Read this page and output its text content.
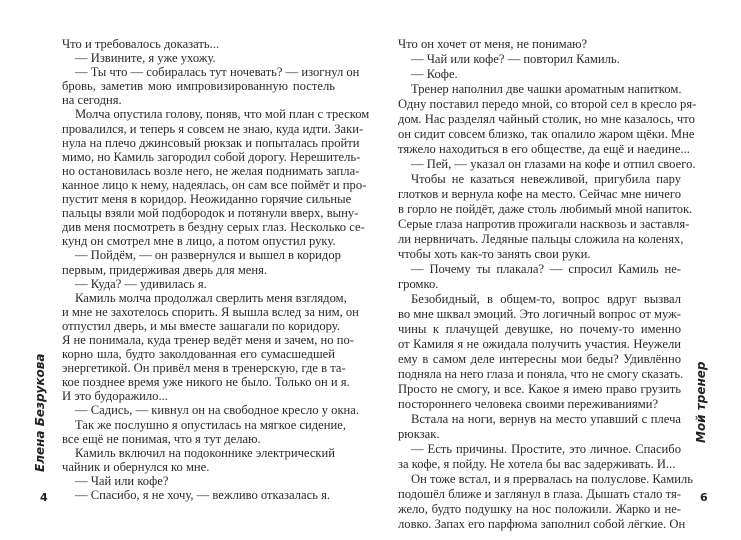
Что и требовалось доказать...
— Извините, я уже ухожу.
— Ты что — собиралась тут ночевать? — изогнул он
бровь, заметив мою импровизированную постель
на сегодня.
Молча опустила голову, поняв, что мой план с треском
провалился, и теперь я совсем не знаю, куда идти. Заки-
нула на плечо джинсовый рюкзак и попыталась пройти
мимо, но Камиль загородил собой дорогу. Нерешитель-
но остановилась возле него, не желая поднимать запла-
канное лицо к нему, надеялась, он сам все поймёт и про-
пустит меня в коридор. Неожиданно горячие сильные
пальцы взяли мой подбородок и потянули вверх, выну-
див меня посмотреть в бездну серых глаз. Несколько се-
кунд он смотрел мне в лицо, а потом опустил руку.
— Пойдём, — он развернулся и вышел в коридор
первым, придерживая дверь для меня.
— Куда? — удивилась я.
Камиль молча продолжал сверлить меня взглядом,
и мне не захотелось спорить. Я вышла вслед за ним, он
отпустил дверь, и мы вместе зашагали по коридору.
Я не понимала, куда тренер ведёт меня и зачем, но по-
корно шла, будто заколдованная его сумасшедшей
энергетикой. Он привёл меня в тренерскую, где в та-
кое позднее время уже никого не было. Только он и я.
И это будоражило...
— Садись, — кивнул он на свободное кресло у окна.
Так же послушно я опустилась на мягкое сидение,
все ещё не понимая, что я тут делаю.
Камиль включил на подоконнике электрический
чайник и обернулся ко мне.
— Чай или кофе?
— Спасибо, я не хочу, — вежливо отказалась я.
Что он хочет от меня, не понимаю?
— Чай или кофе? — повторил Камиль.
— Кофе.
Тренер наполнил две чашки ароматным напитком.
Одну поставил передо мной, со второй сел в кресло ря-
дом. Нас разделял чайный столик, но мне казалось, что
он сидит совсем близко, так опалило жаром щёки. Мне
тяжело находиться в его обществе, да ещё и наедине...
— Пей, — указал он глазами на кофе и отпил своего.
Чтобы не казаться невежливой, пригубила пару
глотков и вернула кофе на место. Сейчас мне ничего
в горло не пойдёт, даже столь любимый мной напиток.
Серые глаза напротив прожигали насквозь и заставля-
ли нервничать. Ледяные пальцы сложила на коленях,
чтобы хоть как-то занять свои руки.
— Почему ты плакала? — спросил Камиль не-
громко.
Безобидный, в общем-то, вопрос вдруг вызвал
во мне шквал эмоций. Это логичный вопрос от муж-
чины к плачущей девушке, но почему-то именно
от Камиля я не ожидала получить участия. Неужели
ему в самом деле интересны мои беды? Удивлённо
подняла на него глаза и поняла, что не смогу сказать.
Просто не смогу, и все. Какое я имею право грузить
постороннего человека своими переживаниями?
Встала на ноги, вернув на место упавший с плеча
рюкзак.
— Есть причины. Простите, это личное. Спасибо
за кофе, я пойду. Не хотела бы вас задерживать. И...
Он тоже встал, и я прервалась на полуслове. Камиль
подошёл ближе и заглянул в глаза. Дышать стало тя-
жело, будто подушку на нос положили. Жарко и не-
ловко. Запах его парфюма заполнил собой лёгкие. Он
Елена Безрукова
4
Мой тренер
6
